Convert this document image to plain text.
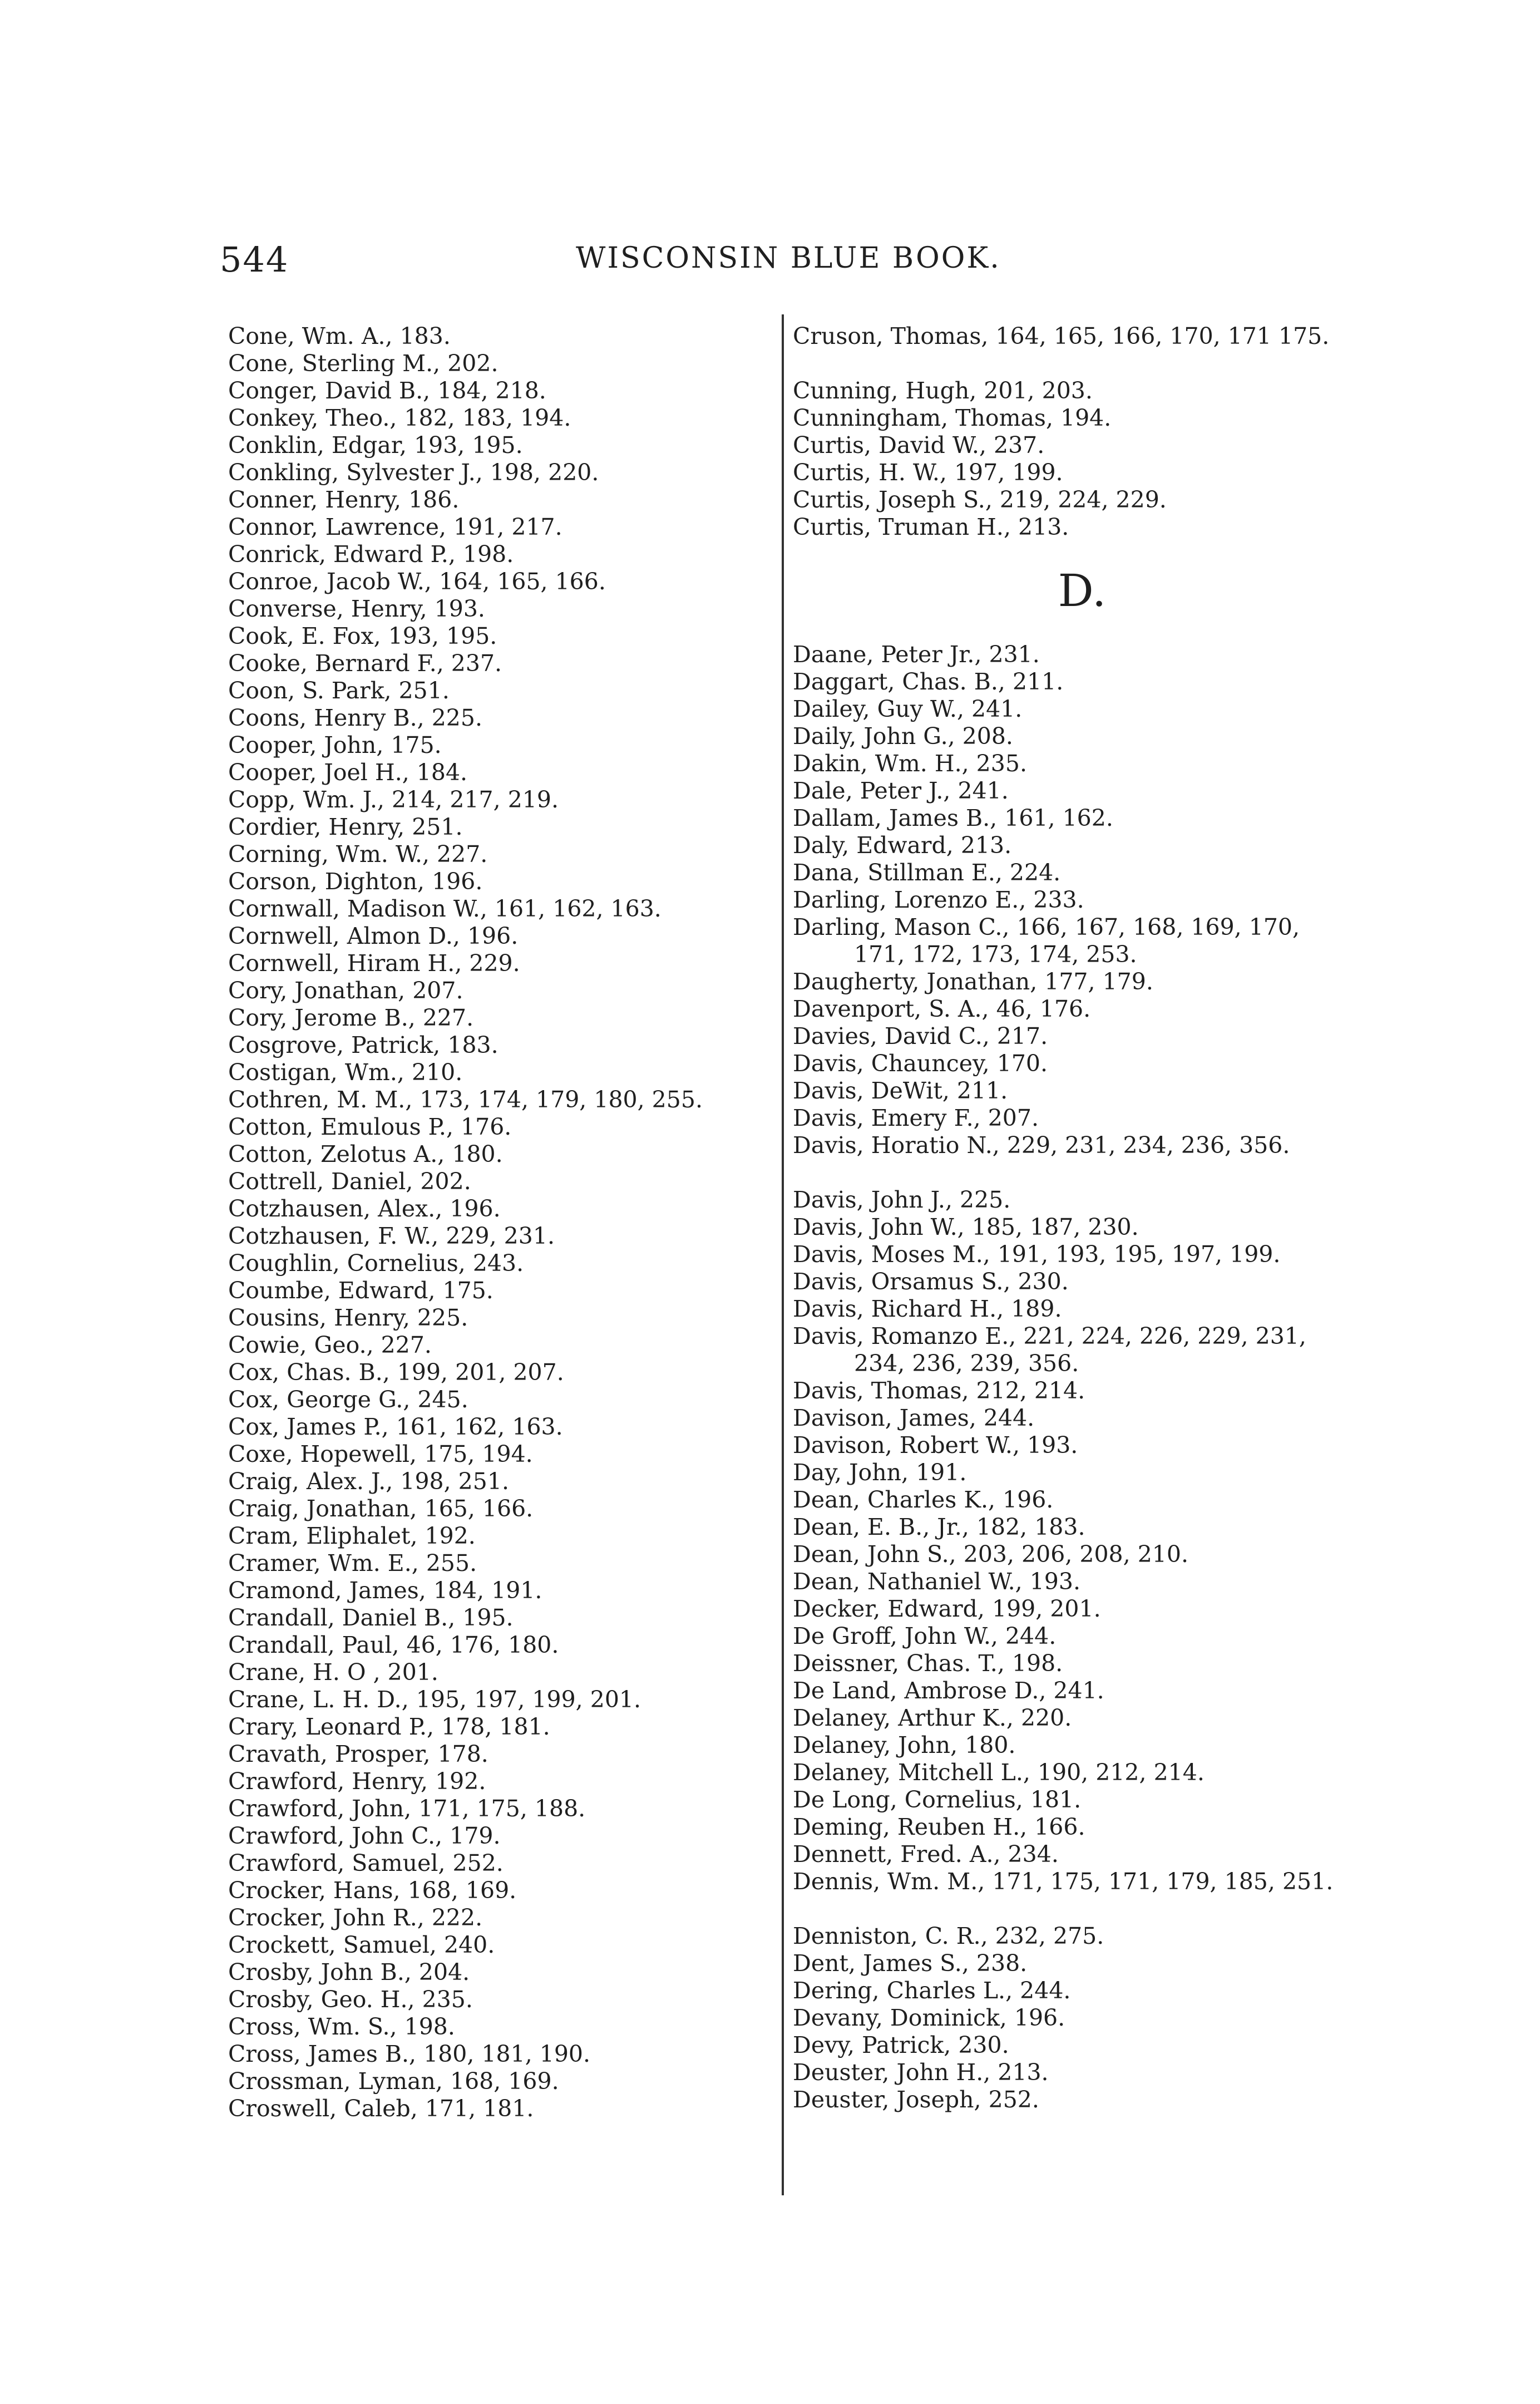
544	WISCONSIN BLUE BOOK.
Cone, Wm. A., 183.
Cone, Sterling M., 202.
Conger, David B., 184, 218.
Conkey, Theo., 182, 183, 194.
Conklin, Edgar, 193, 195.
Conkling, Sylvester J., 198, 220.
Conner, Henry, 186.
Connor, Lawrence, 191, 217.
Conrick, Edward P., 198.
Conroe, Jacob W., 164, 165, 166.
Converse, Henry, 193.
Cook, E. Fox, 193, 195.
Cooke, Bernard F., 237.
Coon, S. Park, 251.
Coons, Henry B., 225.
Cooper, John, 175.
Cooper, Joel H., 184.
Copp, Wm. J., 214, 217, 219.
Cordier, Henry, 251.
Corning, Wm. W., 227.
Corson, Dighton, 196.
Cornwall, Madison W., 161, 162, 163.
Cornwell, Almon D., 196.
Cornwell, Hiram H., 229.
Cory, Jonathan, 207.
Cory, Jerome B., 227.
Cosgrove, Patrick, 183.
Costigan, Wm., 210.
Cothren, M. M., 173, 174, 179, 180, 255.
Cotton, Emulous P., 176.
Cotton, Zelotus A., 180.
Cottrell, Daniel, 202.
Cotzhausen, Alex., 196.
Cotzhausen, F. W., 229, 231.
Coughlin, Cornelius, 243.
Coumbe, Edward, 175.
Cousins, Henry, 225.
Cowie, Geo., 227.
Cox, Chas. B., 199, 201, 207.
Cox, George G., 245.
Cox, James P., 161, 162, 163.
Coxe, Hopewell, 175, 194.
Craig, Alex. J., 198, 251.
Craig, Jonathan, 165, 166.
Cram, Eliphalet, 192.
Cramer, Wm. E., 255.
Cramond, James, 184, 191.
Crandall, Daniel B., 195.
Crandall, Paul, 46, 176, 180.
Crane, H. O , 201.
Crane, L. H. D., 195, 197, 199, 201.
Crary, Leonard P., 178, 181.
Cravath, Prosper, 178.
Crawford, Henry, 192.
Crawford, John, 171, 175, 188.
Crawford, John C., 179.
Crawford, Samuel, 252.
Crocker, Hans, 168, 169.
Crocker, John R., 222.
Crockett, Samuel, 240.
Crosby, John B., 204.
Crosby, Geo. H., 235.
Cross, Wm. S., 198.
Cross, James B., 180, 181, 190.
Crossman, Lyman, 168, 169.
Croswell, Caleb, 171, 181.
Cruson, Thomas, 164, 165, 166, 170, 171 175.
Cunning, Hugh, 201, 203.
Cunningham, Thomas, 194.
Curtis, David W., 237.
Curtis, H. W., 197, 199.
Curtis, Joseph S., 219, 224, 229.
Curtis, Truman H., 213.
D.
Daane, Peter Jr., 231.
Daggart, Chas. B., 211.
Dailey, Guy W., 241.
Daily, John G., 208.
Dakin, Wm. H., 235.
Dale, Peter J., 241.
Dallam, James B., 161, 162.
Daly, Edward, 213.
Dana, Stillman E., 224.
Darling, Lorenzo E., 233.
Darling, Mason C., 166, 167, 168, 169, 170, 171, 172, 173, 174, 253.
Daugherty, Jonathan, 177, 179.
Davenport, S. A., 46, 176.
Davies, David C., 217.
Davis, Chauncey, 170.
Davis, DeWit, 211.
Davis, Emery F., 207.
Davis, Horatio N., 229, 231, 234, 236, 356.
Davis, John J., 225.
Davis, John W., 185, 187, 230.
Davis, Moses M., 191, 193, 195, 197, 199.
Davis, Orsamus S., 230.
Davis, Richard H., 189.
Davis, Romanzo E., 221, 224, 226, 229, 231, 234, 236, 239, 356.
Davis, Thomas, 212, 214.
Davison, James, 244.
Davison, Robert W., 193.
Day, John, 191.
Dean, Charles K., 196.
Dean, E. B., Jr., 182, 183.
Dean, John S., 203, 206, 208, 210.
Dean, Nathaniel W., 193.
Decker, Edward, 199, 201.
De Groff, John W., 244.
Deissner, Chas. T., 198.
De Land, Ambrose D., 241.
Delaney, Arthur K., 220.
Delaney, John, 180.
Delaney, Mitchell L., 190, 212, 214.
De Long, Cornelius, 181.
Deming, Reuben H., 166.
Dennett, Fred. A., 234.
Dennis, Wm. M., 171, 175, 171, 179, 185, 251.
Denniston, C. R., 232, 275.
Dent, James S., 238.
Dering, Charles L., 244.
Devany, Dominick, 196.
Devy, Patrick, 230.
Deuster, John H., 213.
Deuster, Joseph, 252.
